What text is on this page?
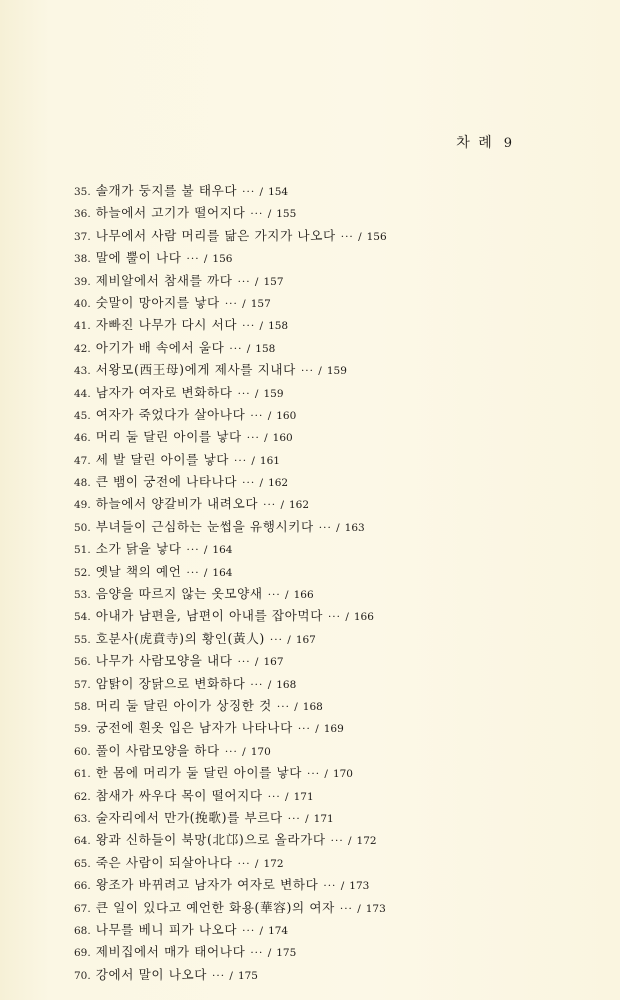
차 례 9
35. 솔개가 둥지를 불 태우다 ··· / 154
36. 하늘에서 고기가 떨어지다 ··· / 155
37. 나무에서 사람 머리를 닮은 가지가 나오다 ··· / 156
38. 말에 뿔이 나다 ··· / 156
39. 제비알에서 참새를 까다 ··· / 157
40. 숫말이 망아지를 낳다 ··· / 157
41. 자빠진 나무가 다시 서다 ··· / 158
42. 아기가 배 속에서 울다 ··· / 158
43. 서왕모(西王母)에게 제사를 지내다 ··· / 159
44. 남자가 여자로 변화하다 ··· / 159
45. 여자가 죽었다가 살아나다 ··· / 160
46. 머리 둘 달린 아이를 낳다 ··· / 160
47. 세 발 달린 아이를 낳다 ··· / 161
48. 큰 뱀이 궁전에 나타나다 ··· / 162
49. 하늘에서 양갈비가 내려오다 ··· / 162
50. 부녀들이 근심하는 눈썹을 유행시키다 ··· / 163
51. 소가 닭을 낳다 ··· / 164
52. 옛날 책의 예언 ··· / 164
53. 음양을 따르지 않는 옷모양새 ··· / 166
54. 아내가 남편을, 남편이 아내를 잡아먹다 ··· / 166
55. 호분사(虎賁寺)의 황인(黃人) ··· / 167
56. 나무가 사람모양을 내다 ··· / 167
57. 암탉이 장닭으로 변화하다 ··· / 168
58. 머리 둘 달린 아이가 상징한 것 ··· / 168
59. 궁전에 흰옷 입은 남자가 나타나다 ··· / 169
60. 풀이 사람모양을 하다 ··· / 170
61. 한 몸에 머리가 둘 달린 아이를 낳다 ··· / 170
62. 참새가 싸우다 목이 떨어지다 ··· / 171
63. 술자리에서 만가(挽歌)를 부르다 ··· / 171
64. 왕과 신하들이 북망(北邙)으로 올라가다 ··· / 172
65. 죽은 사람이 되살아나다 ··· / 172
66. 왕조가 바뀌려고 남자가 여자로 변하다 ··· / 173
67. 큰 일이 있다고 예언한 화용(華容)의 여자 ··· / 173
68. 나무를 베니 피가 나오다 ··· / 174
69. 제비집에서 매가 태어나다 ··· / 175
70. 강에서 말이 나오다 ··· / 175
